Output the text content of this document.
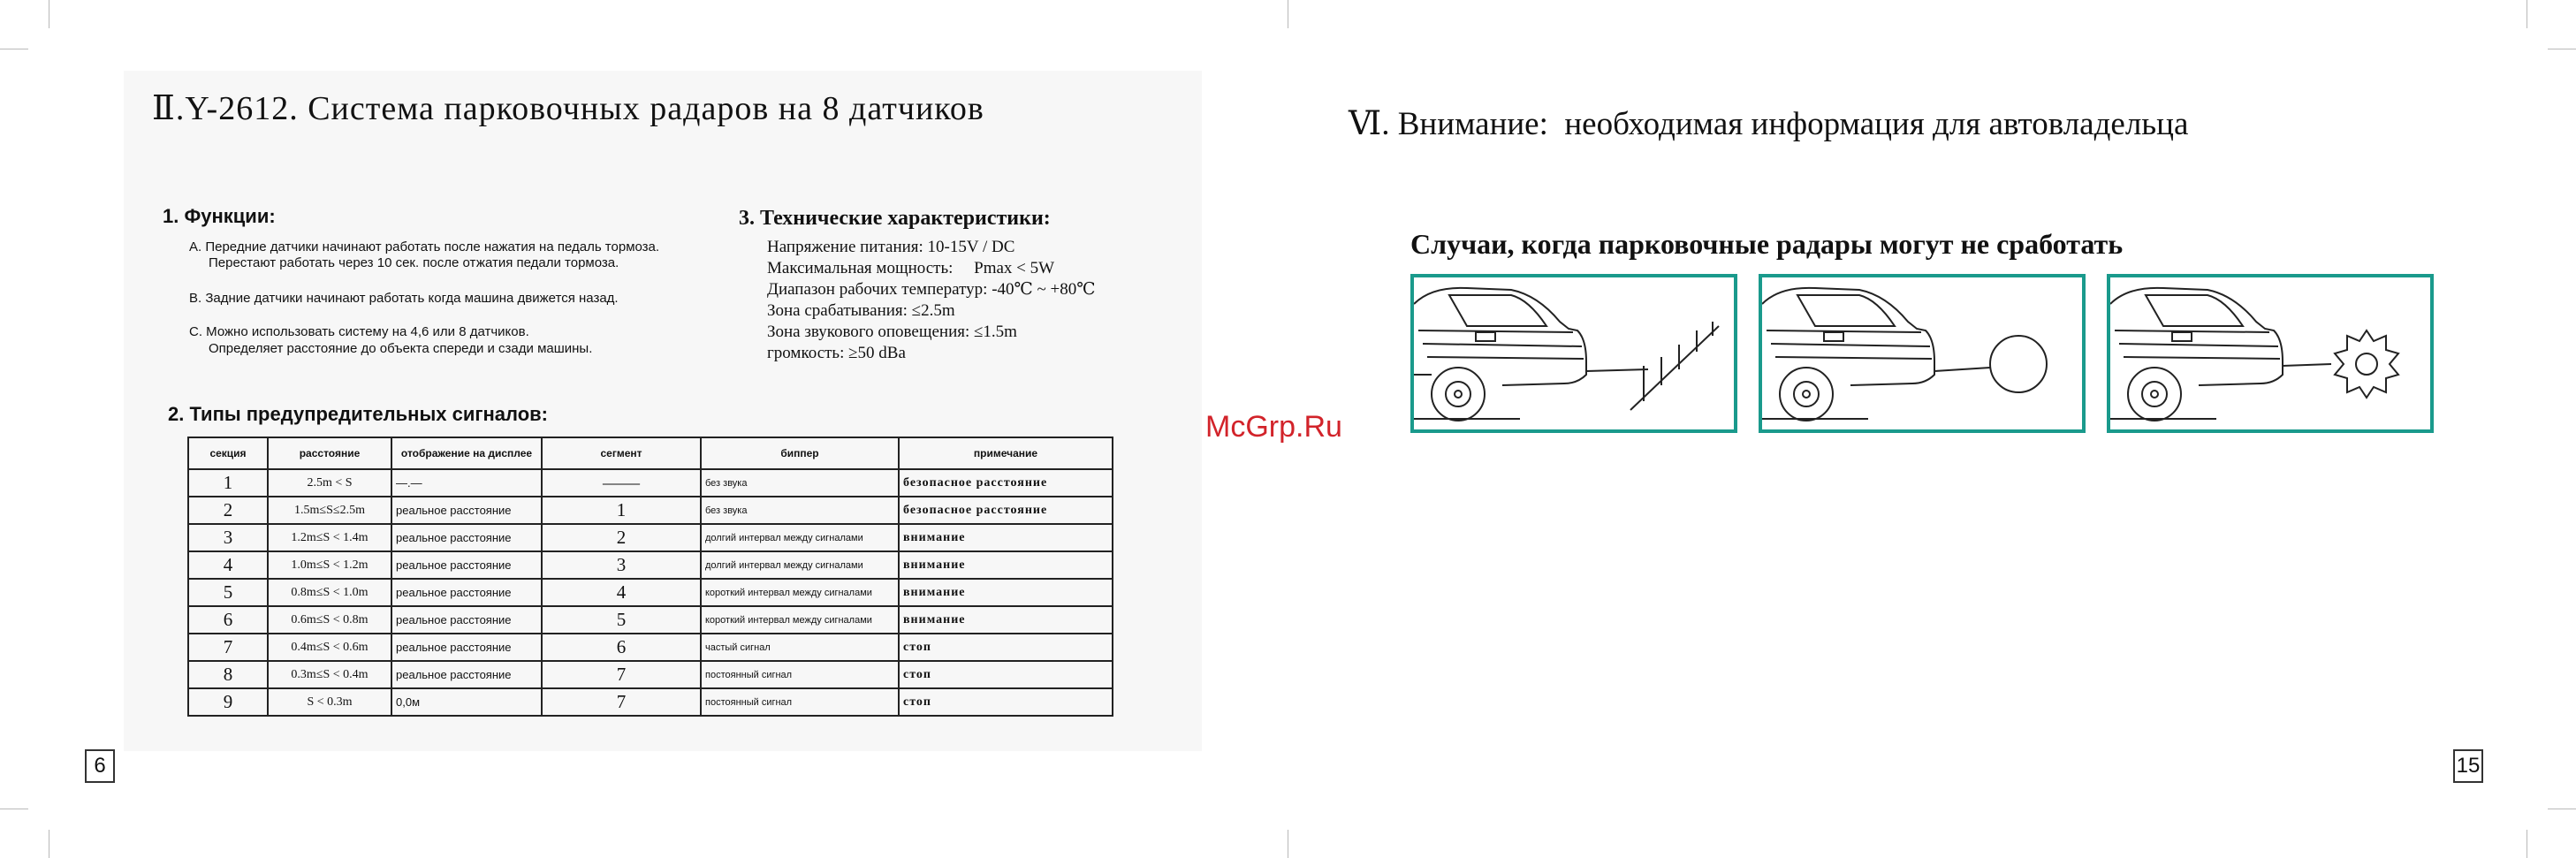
Ⅱ.Y-2612. Система парковочных радаров на 8 датчиков
1. Функции:
A. Передние датчики начинают работать после нажатия на педаль тормоза.
Перестают работать через 10 сек. после отжатия педали тормоза.
B. Задние датчики начинают работать когда машина движется назад.
C. Можно использовать систему на 4,6 или 8 датчиков.
Определяет расстояние до объекта спереди и сзади машины.
3. Технические характеристики:
Напряжение питания: 10-15V / DC
Максимальная мощность:     Pmax < 5W
Диапазон рабочих температур: -40℃ ~ +80℃
Зона срабатывания: ≤2.5m
Зона звукового оповещения: ≤1.5m
громкость: ≥50 dBa
2. Типы предупредительных сигналов:
секция	расстояние	отображение на дисплее	сегмент	биппер	примечание
1	2.5m < S	—.—	——	без звука	безопасное расстояние
2	1.5m≤S≤2.5m	реальное расстояние	1	без звука	безопасное расстояние
3	1.2m≤S < 1.4m	реальное расстояние	2	долгий интервал между сигналами	внимание
4	1.0m≤S < 1.2m	реальное расстояние	3	долгий интервал между сигналами	внимание
5	0.8m≤S < 1.0m	реальное расстояние	4	короткий интервал между сигналами	внимание
6	0.6m≤S < 0.8m	реальное расстояние	5	короткий интервал между сигналами	внимание
7	0.4m≤S < 0.6m	реальное расстояние	6	частый сигнал	стоп
8	0.3m≤S < 0.4m	реальное расстояние	7	постоянный сигнал	стоп
9	S < 0.3m	0,0м	7	постоянный сигнал	стоп
6
McGrp.Ru
Ⅵ. Внимание:  необходимая информация для автовладельца
Случаи, когда парковочные радары могут не сработать
15
